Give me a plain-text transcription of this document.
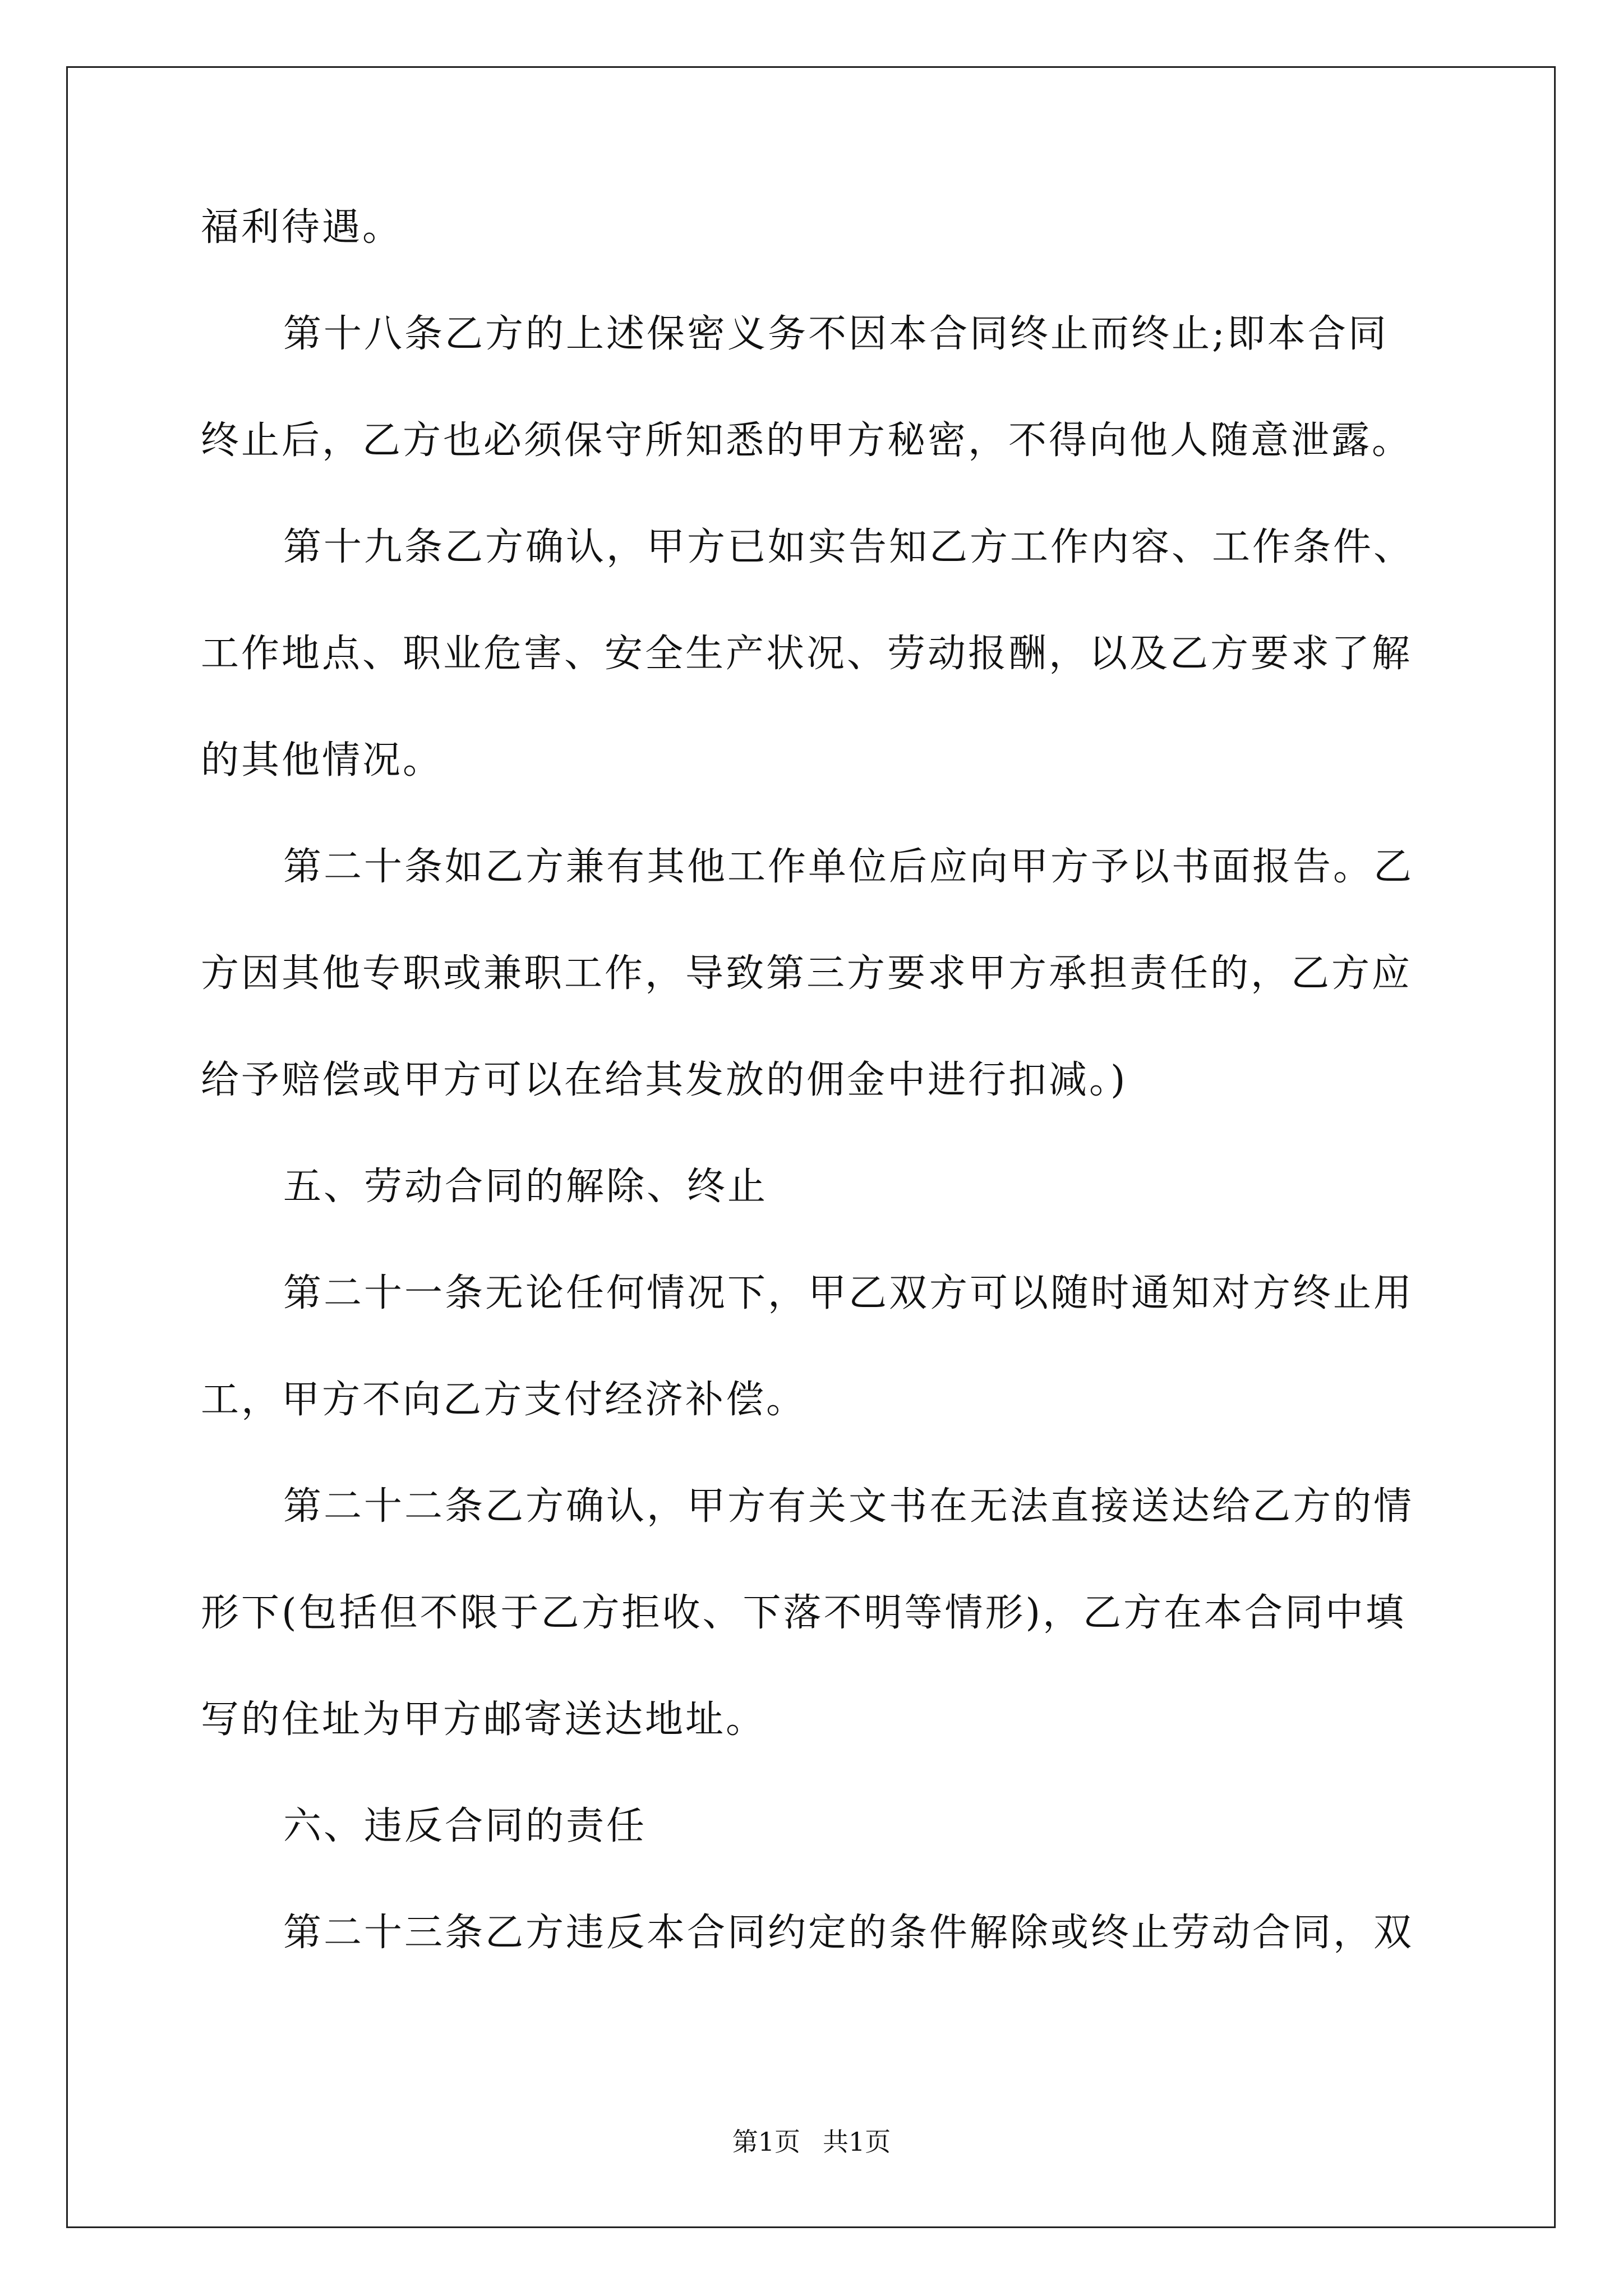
福利待遇。
第十八条乙方的上述保密义务不因本合同终止而终止;即本合同
终止后，乙方也必须保守所知悉的甲方秘密，不得向他人随意泄露。
第十九条乙方确认，甲方已如实告知乙方工作内容、工作条件、
工作地点、职业危害、安全生产状况、劳动报酬，以及乙方要求了解
的其他情况。
第二十条如乙方兼有其他工作单位后应向甲方予以书面报告。乙
方因其他专职或兼职工作，导致第三方要求甲方承担责任的，乙方应
给予赔偿或甲方可以在给其发放的佣金中进行扣减。)
五、劳动合同的解除、终止
第二十一条无论任何情况下，甲乙双方可以随时通知对方终止用
工，甲方不向乙方支付经济补偿。
第二十二条乙方确认，甲方有关文书在无法直接送达给乙方的情
形下(包括但不限于乙方拒收、下落不明等情形)，乙方在本合同中填
写的住址为甲方邮寄送达地址。
六、违反合同的责任
第二十三条乙方违反本合同约定的条件解除或终止劳动合同，双
第1页 共1页
